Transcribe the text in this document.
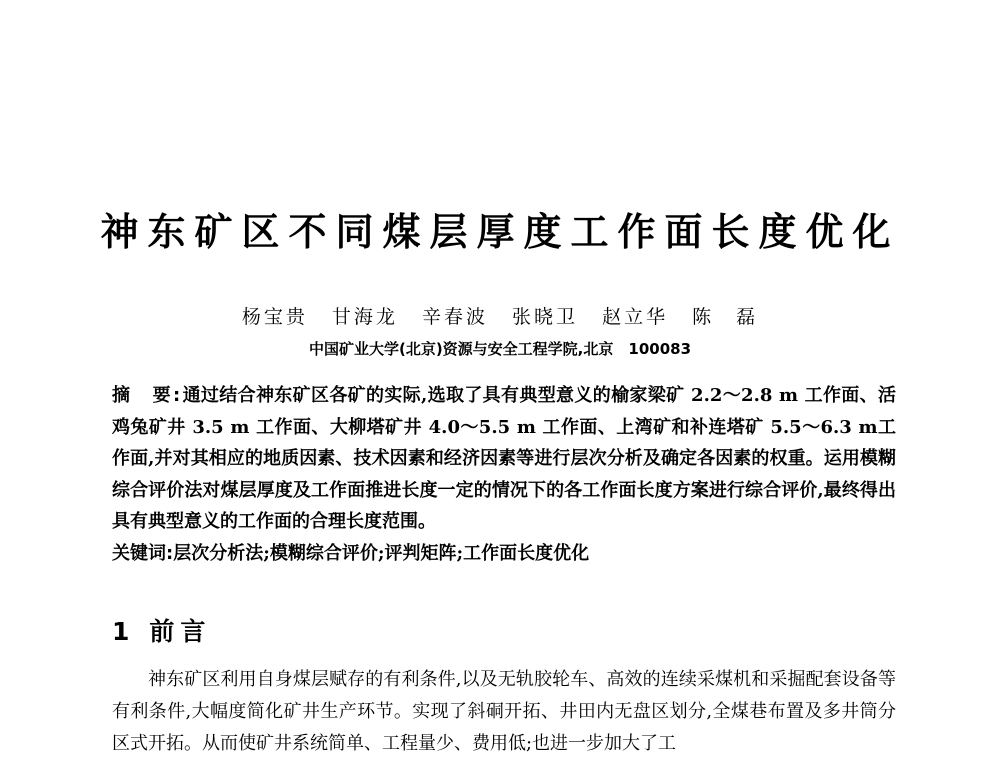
神东矿区不同煤层厚度工作面长度优化
杨宝贵 甘海龙 辛春波 张晓卫 赵立华 陈　磊
中国矿业大学(北京)资源与安全工程学院,北京　100083
摘　要:通过结合神东矿区各矿的实际,选取了具有典型意义的榆家梁矿 2.2～2.8 m 工作面、活鸡兔矿井 3.5 m 工作面、大柳塔矿井 4.0～5.5 m 工作面、上湾矿和补连塔矿 5.5～6.3 m工作面,并对其相应的地质因素、技术因素和经济因素等进行层次分析及确定各因素的权重。运用模糊综合评价法对煤层厚度及工作面推进长度一定的情况下的各工作面长度方案进行综合评价,最终得出具有典型意义的工作面的合理长度范围。
关键词:层次分析法;模糊综合评价;评判矩阵;工作面长度优化
1 前言
神东矿区利用自身煤层赋存的有利条件,以及无轨胶轮车、高效的连续采煤机和采掘配套设备等有利条件,大幅度简化矿井生产环节。实现了斜硐开拓、井田内无盘区划分,全煤巷布置及多井筒分区式开拓。从而使矿井系统简单、工程量少、费用低;也进一步加大了工
